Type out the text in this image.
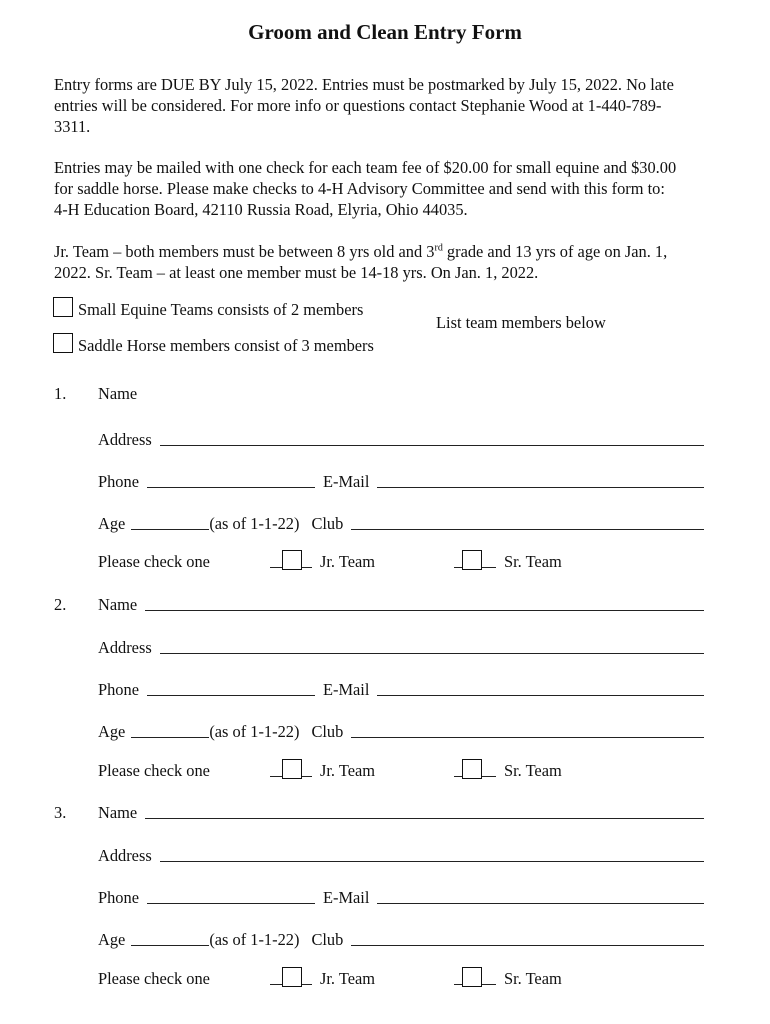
Groom and Clean Entry Form
Entry forms are DUE BY July 15, 2022. Entries must be postmarked by July 15, 2022. No late
entries will be considered. For more info or questions contact Stephanie Wood at 1-440-789-
3311.
Entries may be mailed with one check for each team fee of $20.00 for small equine and $30.00
for saddle horse. Please make checks to 4-H Advisory Committee and send with this form to:
4-H Education Board, 42110 Russia Road, Elyria, Ohio 44035.
Jr. Team – both members must be between 8 yrs old and 3rd grade and 13 yrs of age on Jan. 1,
2022. Sr. Team – at least one member must be 14-18 yrs. On Jan. 1, 2022.
Small Equine Teams consists of 2 members
List team members below
Saddle Horse members consist of 3 members
1. Name
Address
Phone	E-Mail
Age	(as of 1-1-22) Club
Please check one	Jr. Team	Sr. Team
2. Name
Address
Phone	E-Mail
Age	(as of 1-1-22) Club
Please check one	Jr. Team	Sr. Team
3. Name
Address
Phone	E-Mail
Age	(as of 1-1-22) Club
Please check one	Jr. Team	Sr. Team
